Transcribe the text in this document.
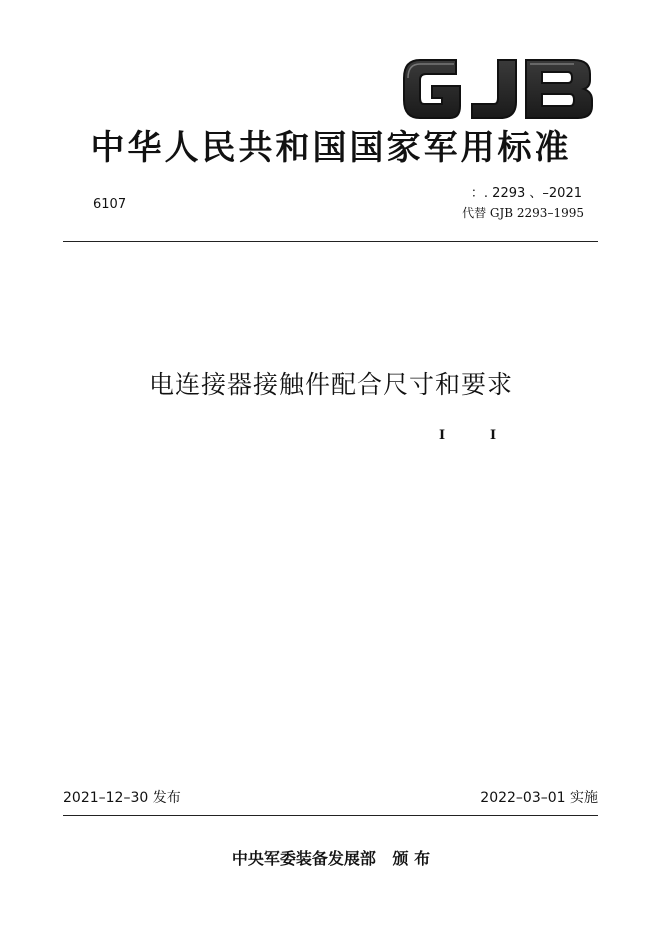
中华人民共和国国家军用标准
6107
：. 2293 、–2021
代替 GJB 2293–1995
电连接器接触件配合尺寸和要求
I	I
2021–12–30 发布	2022–03–01 实施
中央军委装备发展部   颁 布
